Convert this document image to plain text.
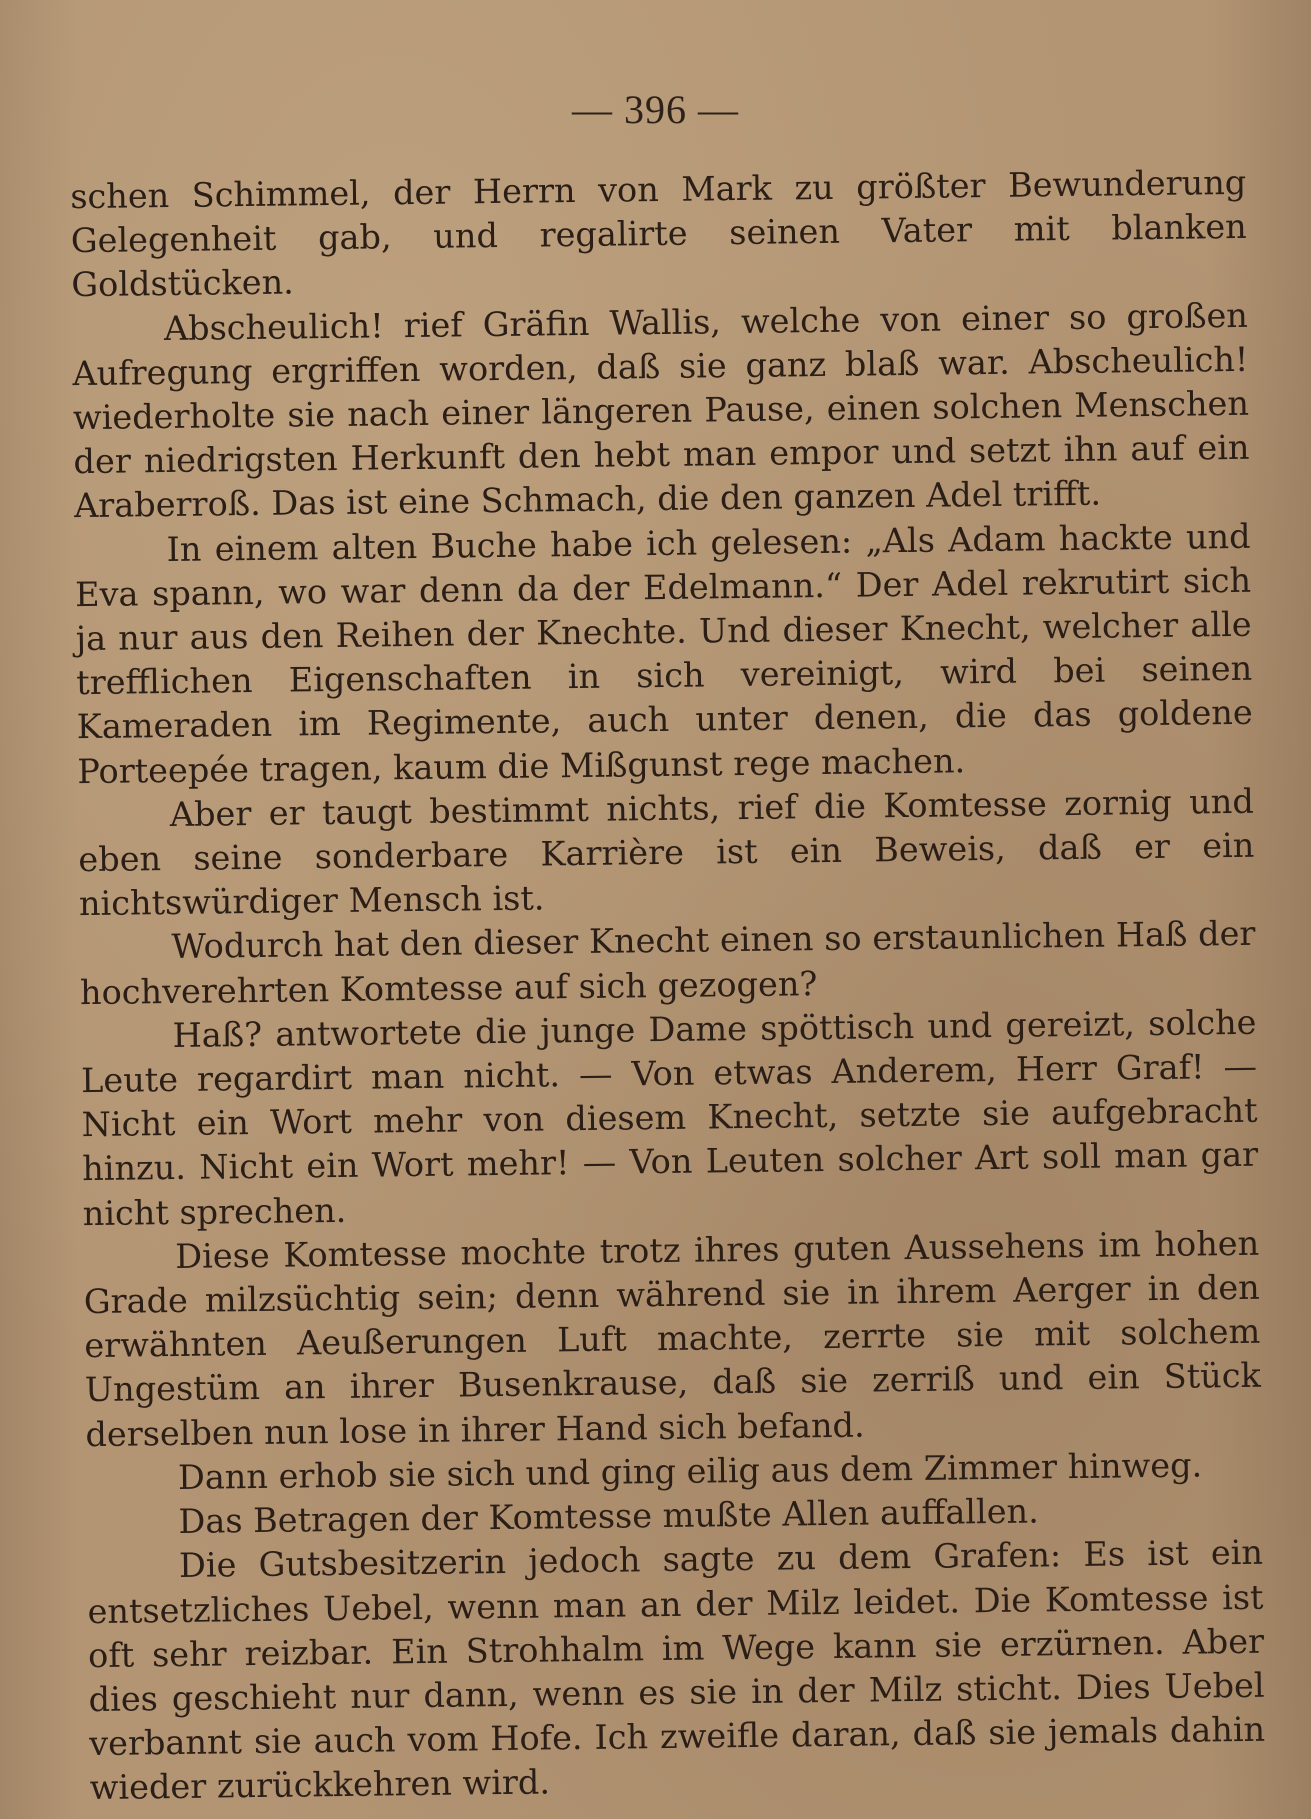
— 396 —

schen Schimmel, der Herrn von Mark zu größter Bewunderung Gelegenheit gab, und regalirte seinen Vater mit blanken Goldstücken.

Abscheulich! rief Gräfin Wallis, welche von einer so großen Aufregung ergriffen worden, daß sie ganz blaß war. Abscheulich! wiederholte sie nach einer längeren Pause, einen solchen Menschen der niedrigsten Herkunft den hebt man empor und setzt ihn auf ein Araberroß. Das ist eine Schmach, die den ganzen Adel trifft.

In einem alten Buche habe ich gelesen: „Als Adam hackte und Eva spann, wo war denn da der Edelmann.“ Der Adel rekrutirt sich ja nur aus den Reihen der Knechte. Und dieser Knecht, welcher alle trefflichen Eigenschaften in sich vereinigt, wird bei seinen Kameraden im Regimente, auch unter denen, die das goldene Porteepée tragen, kaum die Mißgunst rege machen.

Aber er taugt bestimmt nichts, rief die Komtesse zornig und eben seine sonderbare Karrière ist ein Beweis, daß er ein nichtswürdiger Mensch ist.

Wodurch hat den dieser Knecht einen so erstaunlichen Haß der hochverehrten Komtesse auf sich gezogen?

Haß? antwortete die junge Dame spöttisch und gereizt, solche Leute regardirt man nicht. — Von etwas Anderem, Herr Graf! — Nicht ein Wort mehr von diesem Knecht, setzte sie aufgebracht hinzu. Nicht ein Wort mehr! — Von Leuten solcher Art soll man gar nicht sprechen.

Diese Komtesse mochte trotz ihres guten Aussehens im hohen Grade milzsüchtig sein; denn während sie in ihrem Aerger in den erwähnten Aeußerungen Luft machte, zerrte sie mit solchem Ungestüm an ihrer Busenkrause, daß sie zerriß und ein Stück derselben nun lose in ihrer Hand sich befand.

Dann erhob sie sich und ging eilig aus dem Zimmer hinweg.

Das Betragen der Komtesse mußte Allen auffallen.

Die Gutsbesitzerin jedoch sagte zu dem Grafen: Es ist ein entsetzliches Uebel, wenn man an der Milz leidet. Die Komtesse ist oft sehr reizbar. Ein Strohhalm im Wege kann sie erzürnen. Aber dies geschieht nur dann, wenn es sie in der Milz sticht. Dies Uebel verbannt sie auch vom Hofe. Ich zweifle daran, daß sie jemals dahin wieder zurückkehren wird.
